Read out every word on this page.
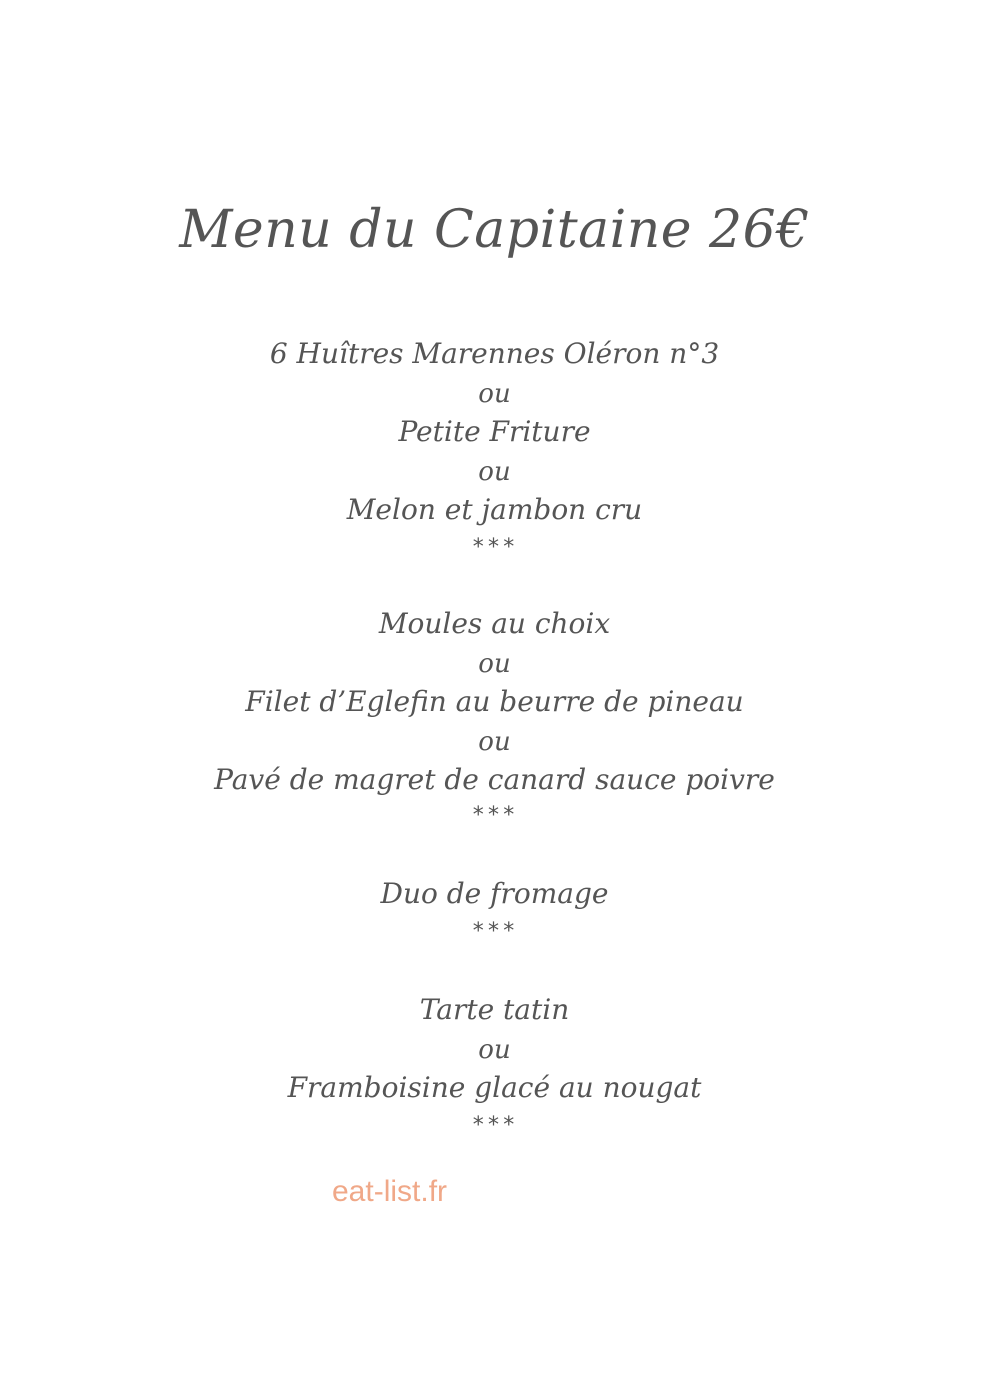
Menu du Capitaine 26€
6 Huîtres Marennes Oléron n°3
ou
Petite Friture
ou
Melon et jambon cru
***
Moules au choix
ou
Filet d’Eglefin au beurre de pineau
ou
Pavé de magret de canard sauce poivre
***
Duo de fromage
***
Tarte tatin
ou
Framboisine glacé au nougat
***
eat-list.fr
